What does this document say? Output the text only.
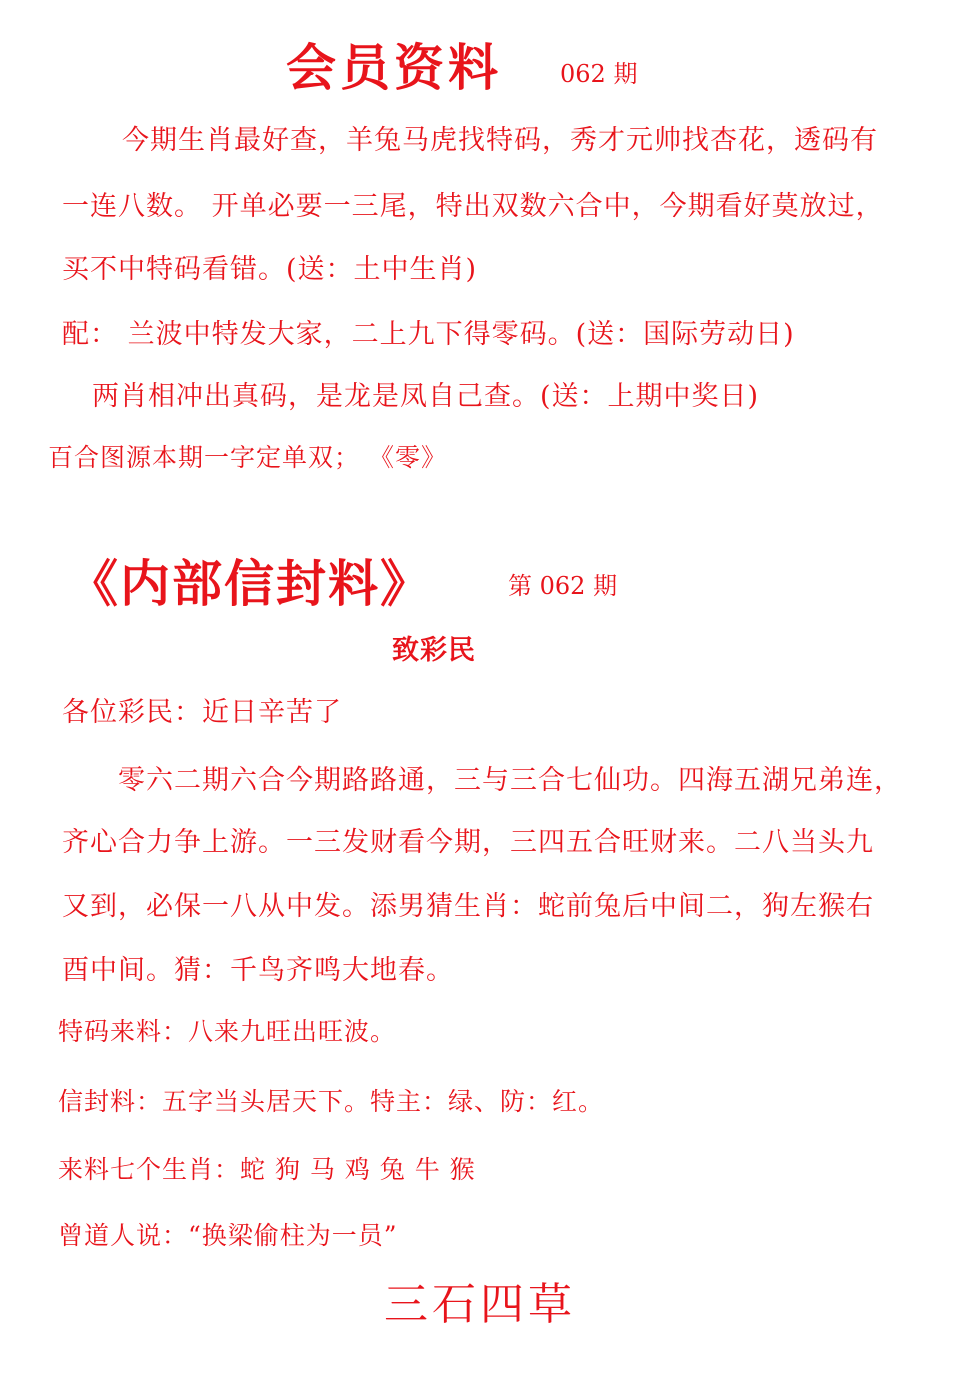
会员资料 062 期
今期生肖最好查，羊兔马虎找特码，秀才元帅找杏花，透码有
一连八数。 开单必要一三尾，特出双数六合中，今期看好莫放过，
买不中特码看错。(送：土中生肖)
配： 兰波中特发大家，二上九下得零码。(送：国际劳动日)
两肖相冲出真码，是龙是凤自己查。(送：上期中奖日)
百合图源本期一字定单双； 《零》
《内部信封料》	第 062 期
致彩民
各位彩民：近日辛苦了
零六二期六合今期路路通，三与三合七仙功。四海五湖兄弟连，
齐心合力争上游。一三发财看今期，三四五合旺财来。二八当头九
又到，必保一八从中发。添男猜生肖：蛇前兔后中间二，狗左猴右
酉中间。猜：千鸟齐鸣大地春。
特码来料：八来九旺出旺波。
信封料：五字当头居天下。特主：绿、防：红。
来料七个生肖：蛇 狗 马 鸡 兔 牛 猴
曾道人说：“换梁偷柱为一员”
三石四草
